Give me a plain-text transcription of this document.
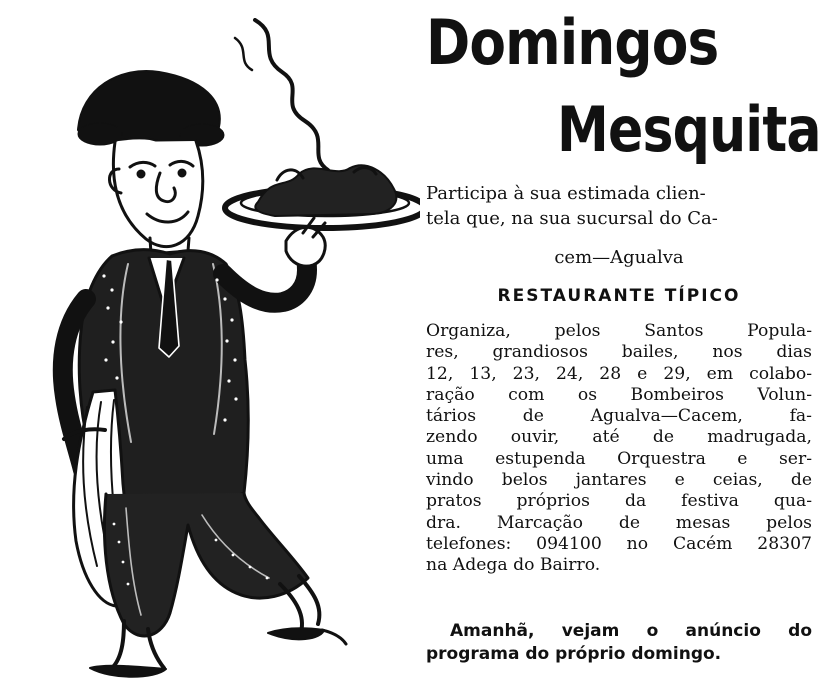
Domingos
Mesquita
Participa à sua estimada clien-
tela que, na sua sucursal do Ca-
cem—Agualva
RESTAURANTE TÍPICO
Organiza, pelos Santos Popula-
res, grandiosos bailes, nos dias
12, 13, 23, 24, 28 e 29, em colabo-
ração com os Bombeiros Volun-
tários de Agualva—Cacem, fa-
zendo ouvir, até de madrugada,
uma estupenda Orquestra e ser-
vindo belos jantares e ceias, de
pratos próprios da festiva qua-
dra. Marcação de mesas pelos
telefones: 094100 no Cacém 28307
na Adega do Bairro.
Amanhã, vejam o anúncio do
programa do próprio domingo.
